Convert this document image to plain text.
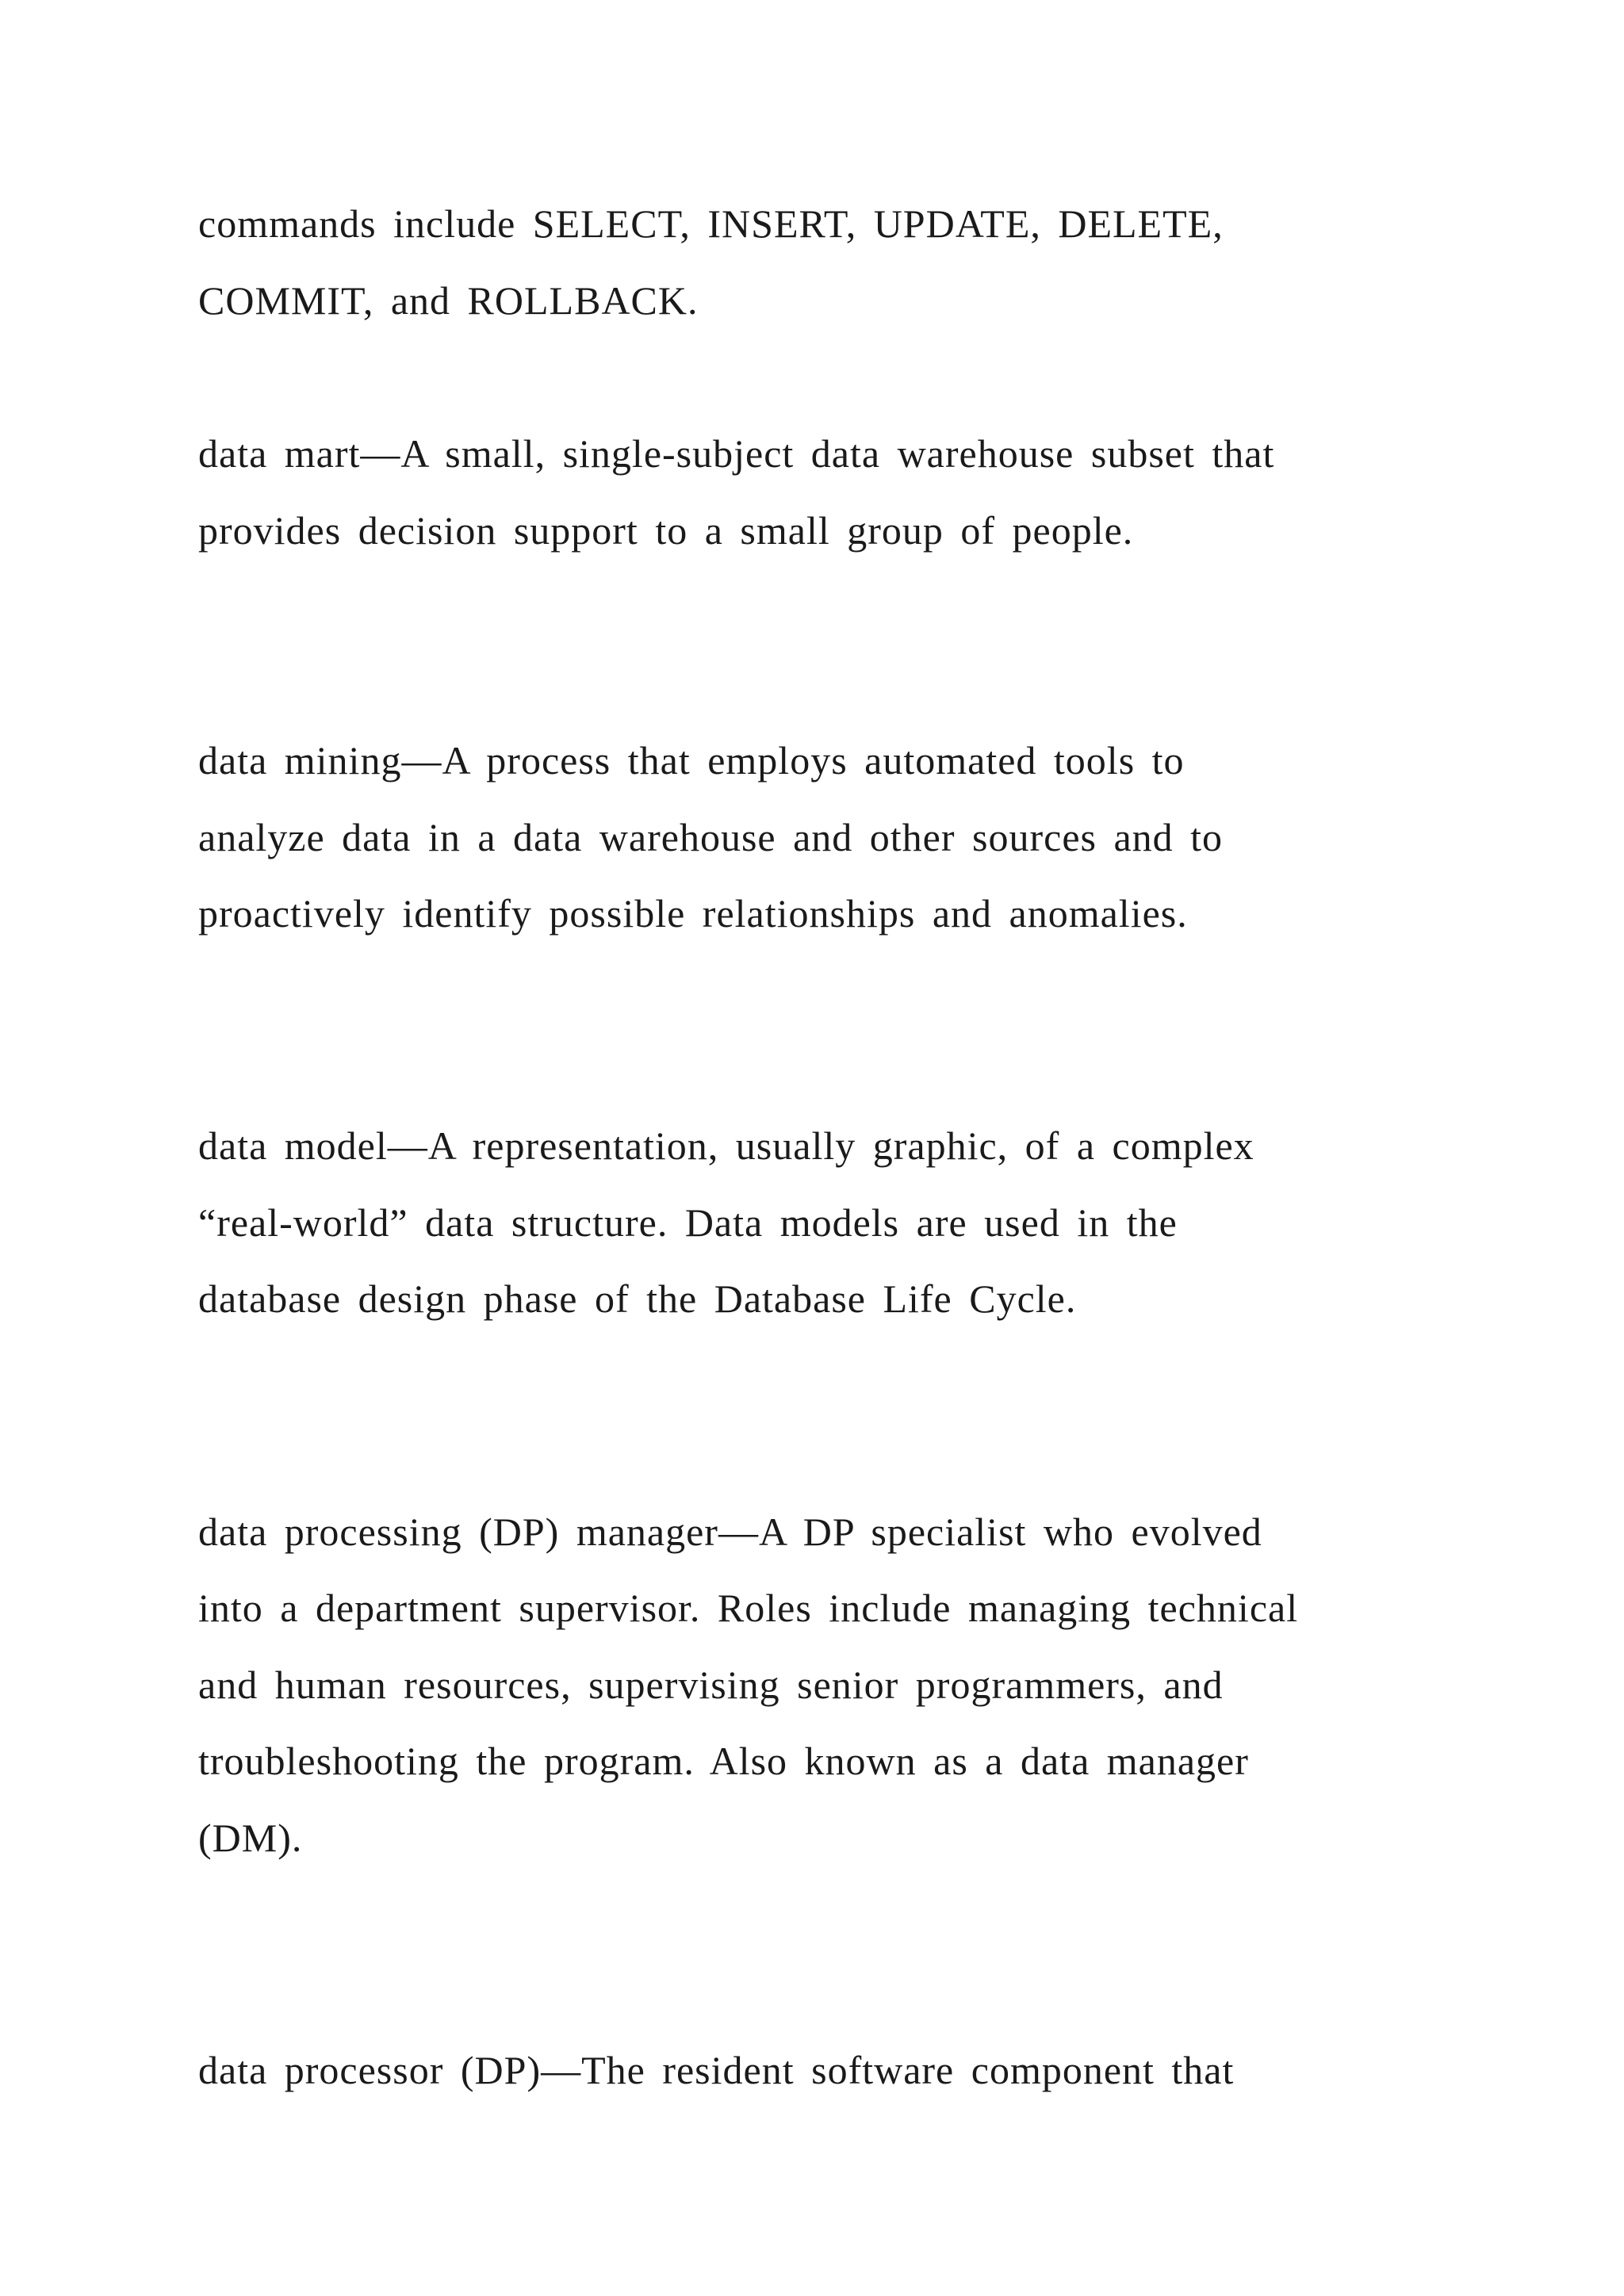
commands include SELECT, INSERT, UPDATE, DELETE,
COMMIT, and ROLLBACK.
data mart—A small, single-subject data warehouse subset that
provides decision support to a small group of people.
data mining—A process that employs automated tools to
analyze data in a data warehouse and other sources and to
proactively identify possible relationships and anomalies.
data model—A representation, usually graphic, of a complex
“real-world” data structure. Data models are used in the
database design phase of the Database Life Cycle.
data processing (DP) manager—A DP specialist who evolved
into a department supervisor. Roles include managing technical
and human resources, supervising senior programmers, and
troubleshooting the program. Also known as a data manager
(DM).
data processor (DP)—The resident software component that
